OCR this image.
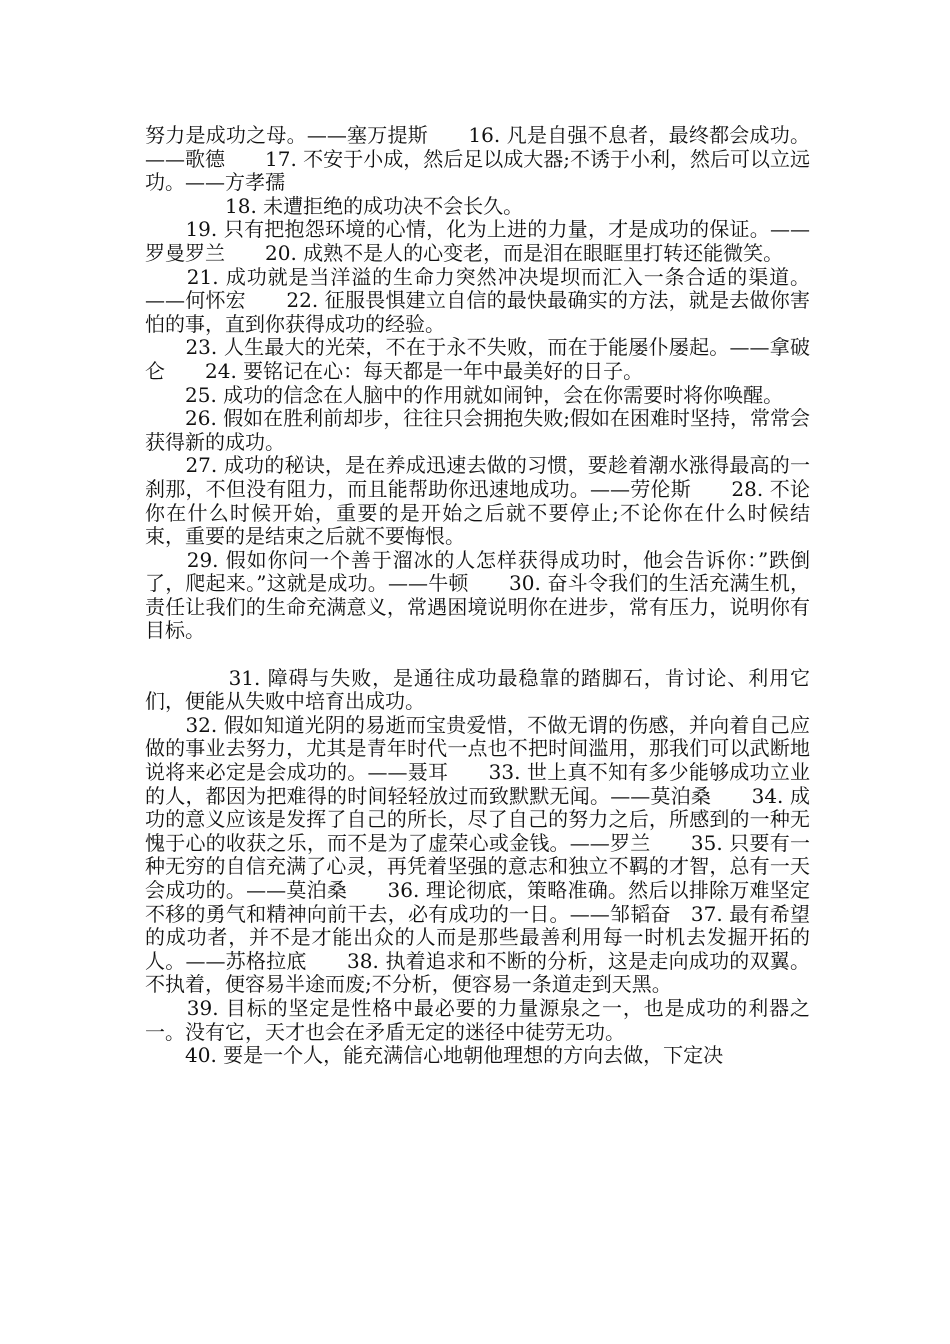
努力是成功之母。——塞万提斯　　16. 凡是自强不息者，最终都会成功。——歌德　　17. 不安于小成，然后足以成大器;不诱于小利，然后可以立远功。——方孝孺

　　　　18. 未遭拒绝的成功决不会长久。

　　19. 只有把抱怨环境的心情，化为上进的力量，才是成功的保证。——罗曼罗兰　　20. 成熟不是人的心变老，而是泪在眼眶里打转还能微笑。

　　21. 成功就是当洋溢的生命力突然冲决堤坝而汇入一条合适的渠道。——何怀宏　　22. 征服畏惧建立自信的最快最确实的方法，就是去做你害怕的事，直到你获得成功的经验。

　　23. 人生最大的光荣，不在于永不失败，而在于能屡仆屡起。——拿破仑　　24. 要铭记在心：每天都是一年中最美好的日子。

　　25. 成功的信念在人脑中的作用就如闹钟，会在你需要时将你唤醒。

　　26. 假如在胜利前却步，往往只会拥抱失败;假如在困难时坚持，常常会获得新的成功。

　　27. 成功的秘诀，是在养成迅速去做的习惯，要趁着潮水涨得最高的一刹那，不但没有阻力，而且能帮助你迅速地成功。——劳伦斯　　28. 不论你在什么时候开始，重要的是开始之后就不要停止;不论你在什么时候结束，重要的是结束之后就不要悔恨。

　　29. 假如你问一个善于溜冰的人怎样获得成功时，他会告诉你：”跌倒了，爬起来。”这就是成功。——牛顿　　30. 奋斗令我们的生活充满生机，责任让我们的生命充满意义，常遇困境说明你在进步，常有压力，说明你有目标。

　　　　31. 障碍与失败，是通往成功最稳靠的踏脚石，肯讨论、利用它们，便能从失败中培育出成功。

　　32. 假如知道光阴的易逝而宝贵爱惜，不做无谓的伤感，并向着自己应做的事业去努力，尤其是青年时代一点也不把时间滥用，那我们可以武断地说将来必定是会成功的。——聂耳　　33. 世上真不知有多少能够成功立业的人，都因为把难得的时间轻轻放过而致默默无闻。——莫泊桑　　34. 成功的意义应该是发挥了自己的所长，尽了自己的努力之后，所感到的一种无愧于心的收获之乐，而不是为了虚荣心或金钱。——罗兰　　35. 只要有一种无穷的自信充满了心灵，再凭着坚强的意志和独立不羁的才智，总有一天会成功的。——莫泊桑　　36. 理论彻底，策略准确。然后以排除万难坚定不移的勇气和精神向前干去，必有成功的一日。——邹韬奋　37. 最有希望的成功者，并不是才能出众的人而是那些最善利用每一时机去发掘开拓的人。——苏格拉底　　38. 执着追求和不断的分析，这是走向成功的双翼。不执着，便容易半途而废;不分析，便容易一条道走到天黑。

　　39. 目标的坚定是性格中最必要的力量源泉之一，也是成功的利器之一。没有它，天才也会在矛盾无定的迷径中徒劳无功。

　　40. 要是一个人，能充满信心地朝他理想的方向去做，下定决
